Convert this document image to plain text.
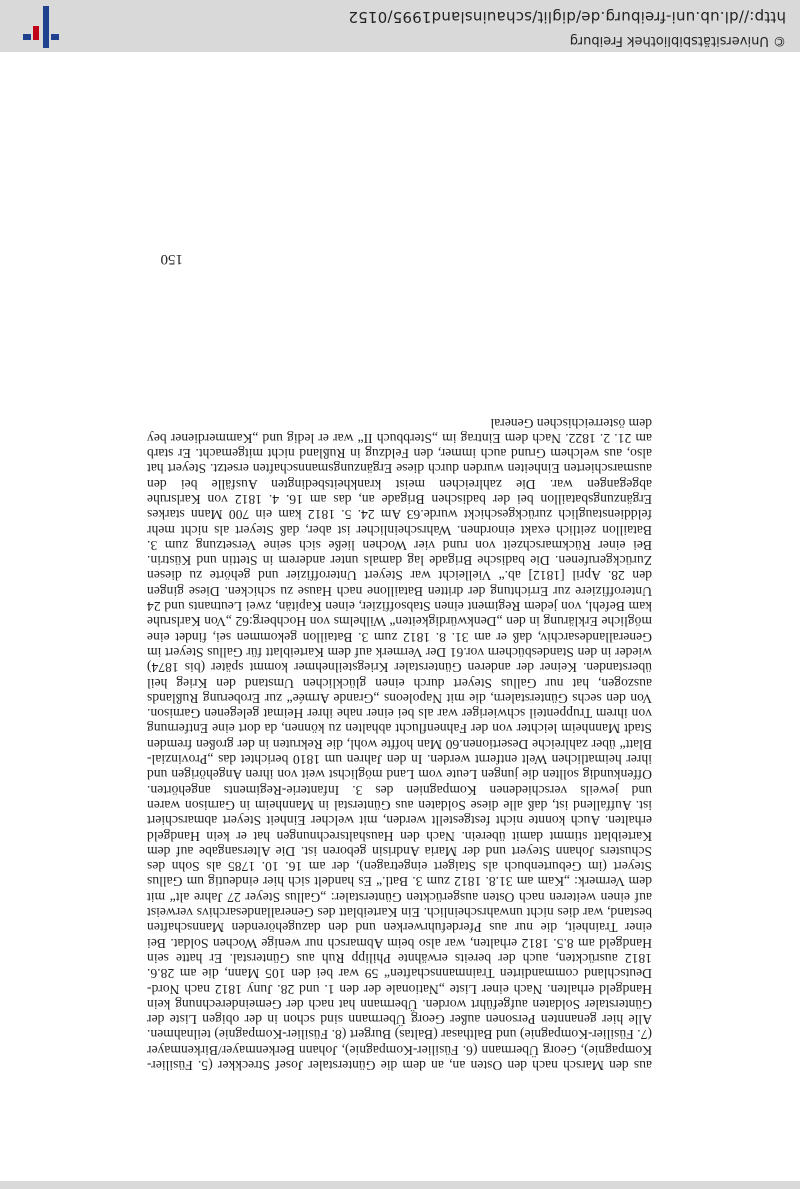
aus den Marsch nach den Osten an, an dem die Günterstaler Josef Streckker (5. Füsilier-Kompagnie), Georg Übermann (6. Füsilier-Kompagnie), Johann Berkenmayer/Birkenmayer (7. Füsilier-Kompagnie) und Balthasar (Baltas) Burgert (8. Füsilier-Kompagnie) teilnahmen. Alle hier genannten Personen außer Georg Übermann sind schon in der obigen Liste der Günterstaler Soldaten aufgeführt worden. Übermann hat nach der Gemeinderechnung kein Handgeld erhalten. Nach einer Liste „Nationale der den 1. und 28. Juny 1812 nach Nord-Deutschland commandirten Trainmannschaften“ 59 war bei den 105 Mann, die am 28.6. 1812 ausrückten, auch der bereits erwähnte Philipp Ruh aus Günterstal. Er hatte sein Handgeld am 8.5. 1812 erhalten, war also beim Abmarsch nur wenige Wochen Soldat. Bei einer Trainheit, die nur aus Pferdefuhrwerken und den dazugehörenden Mannschaften bestand, war dies nicht unwahrscheinlich. Ein Karteiblatt des Generallandesarchivs verweist auf einen weiteren nach Osten ausgerückten Günterstaler: „Gallus Steyer 27 Jahre alt“ mit dem Vermerk: „Kam am 31.8. 1812 zum 3. Batl.“ Es handelt sich hier eindeutig um Gallus Steyert (im Geburtenbuch als Staigert eingetragen), der am 16. 10. 1785 als Sohn des Schusters Johann Steyert und der Maria Andrisin geboren ist. Die Altersangabe auf dem Karteiblatt stimmt damit überein. Nach den Haushaltsrechnungen hat er kein Handgeld erhalten. Auch konnte nicht festgestellt werden, mit welcher Einheit Steyert abmarschiert ist. Auffallend ist, daß alle diese Soldaten aus Günterstal in Mannheim in Garnison waren und jeweils verschiedenen Kompagnien des 3. Infanterie-Regiments angehörten. Offenkundig sollten die jungen Leute vom Land möglichst weit von ihren Angehörigen und ihrer heimatlichen Welt entfernt werden. In den Jahren um 1810 berichtet das „Provinzial-Blatt“ über zahlreiche Desertionen.60 Man hoffte wohl, die Rekruten in der großen fremden Stadt Mannheim leichter von der Fahnenflucht abhalten zu können, da dort eine Entfernung von ihrem Truppenteil schwieriger war als bei einer nahe ihrer Heimat gelegenen Garnison. Von den sechs Günterstalern, die mit Napoleons „Grande Armée“ zur Eroberung Rußlands auszogen, hat nur Gallus Steyert durch einen glücklichen Umstand den Krieg heil überstanden. Keiner der anderen Günterstaler Kriegsteilnehmer kommt später (bis 1874) wieder in den Standesbüchern vor.61 Der Vermerk auf dem Karteiblatt für Gallus Steyert im Generallandesarchiv, daß er am 31. 8. 1812 zum 3. Bataillon gekommen sei, findet eine mögliche Erklärung in den „Denkwürdigkeiten“ Wilhelms von Hochberg:62 „Von Karlsruhe kam Befehl, von jedem Regiment einen Stabsoffizier, einen Kapitän, zwei Leutnants und 24 Unteroffiziere zur Errichtung der dritten Bataillone nach Hause zu schicken. Diese gingen den 28. April [1812] ab.“ Vielleicht war Steyert Unteroffizier und gehörte zu diesen Zurückgerufenen. Die badische Brigade lag damals unter anderem in Stettin und Küstrin. Bei einer Rückmarschzeit von rund vier Wochen ließe sich seine Versetzung zum 3. Bataillon zeitlich exakt einordnen. Wahrscheinlicher ist aber, daß Steyert als nicht mehr felddienstauglich zurückgeschickt wurde.63 Am 24. 5. 1812 kam ein 700 Mann starkes Ergänzungsbataillon bei der badischen Brigade an, das am 16. 4. 1812 von Karlsruhe abgegangen war. Die zahlreichen meist krankheitsbedingten Ausfälle bei den ausmarschierten Einheiten wurden durch diese Ergänzungsmannschaften ersetzt. Steyert hat also, aus welchem Grund auch immer, den Feldzug in Rußland nicht mitgemacht. Er starb am 21. 2. 1822. Nach dem Eintrag im „Sterbbuch II“ war er ledig und „Kammerdiener bey dem österreichischen General

150
© Universitätsbibliothek Freiburg
http://dl.ub.uni-freiburg.de/diglit/schauinsland1995/0152
